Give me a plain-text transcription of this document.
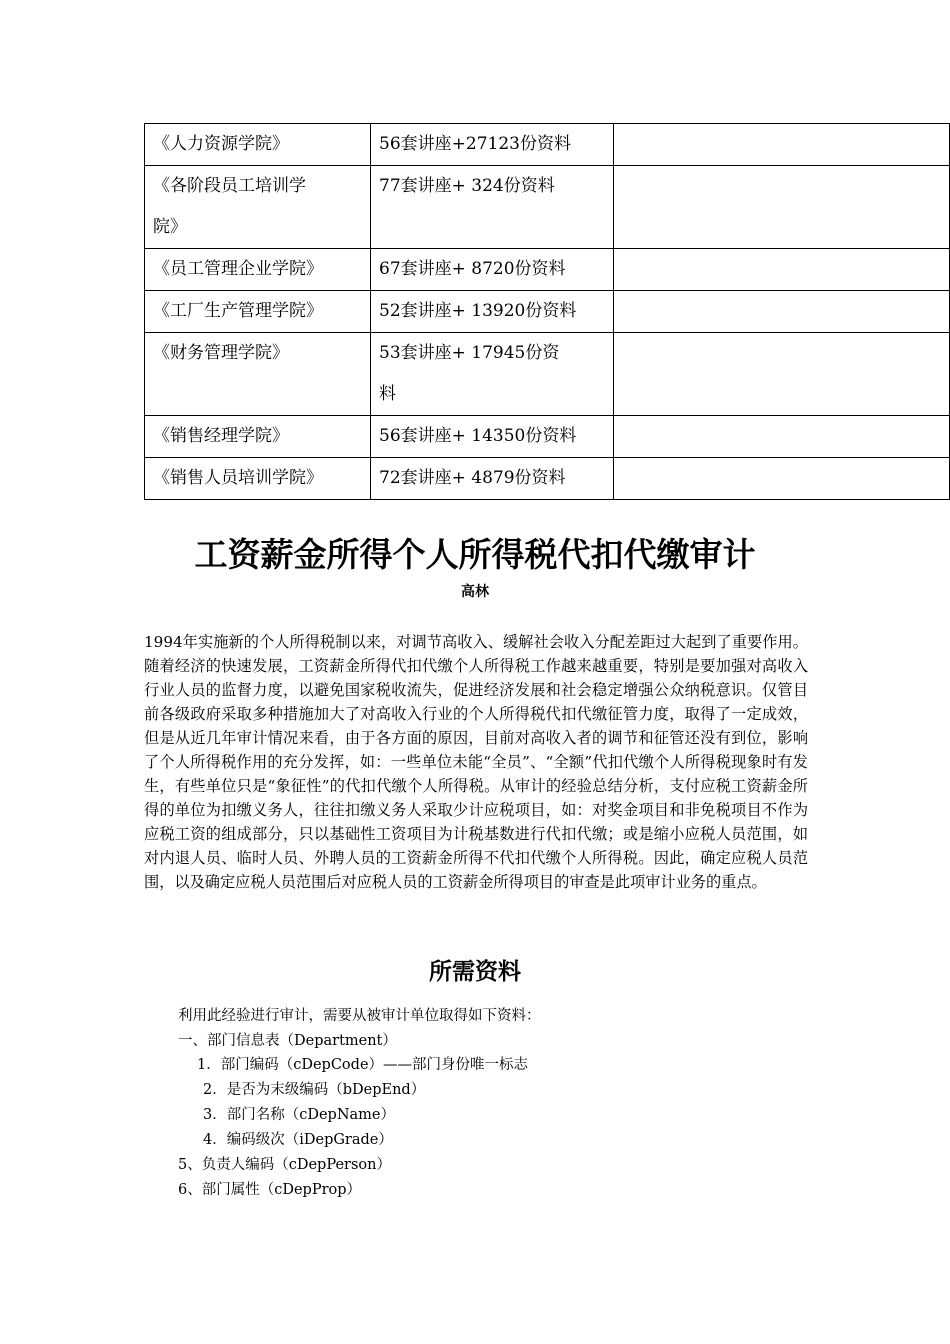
《人力资源学院》	56套讲座+27123份资料	
《各阶段员工培训学院》	77套讲座+ 324份资料	
《员工管理企业学院》	67套讲座+ 8720份资料	
《工厂生产管理学院》	52套讲座+ 13920份资料	
《财务管理学院》	53套讲座+ 17945份资料	
《销售经理学院》	56套讲座+ 14350份资料	
《销售人员培训学院》	72套讲座+ 4879份资料	
工资薪金所得个人所得税代扣代缴审计
高林

1994年实施新的个人所得税制以来，对调节高收入、缓解社会收入分配差距过大起到了重要作用。随着经济的快速发展，工资薪金所得代扣代缴个人所得税工作越来越重要，特别是要加强对高收入行业人员的监督力度，以避免国家税收流失，促进经济发展和社会稳定增强公众纳税意识。仅管目前各级政府采取多种措施加大了对高收入行业的个人所得税代扣代缴征管力度，取得了一定成效，但是从近几年审计情况来看，由于各方面的原因，目前对高收入者的调节和征管还没有到位，影响了个人所得税作用的充分发挥，如：一些单位未能“全员”、“全额”代扣代缴个人所得税现象时有发生，有些单位只是“象征性”的代扣代缴个人所得税。从审计的经验总结分析，支付应税工资薪金所得的单位为扣缴义务人，往往扣缴义务人采取少计应税项目，如：对奖金项目和非免税项目不作为应税工资的组成部分，只以基础性工资项目为计税基数进行代扣代缴；或是缩小应税人员范围，如对内退人员、临时人员、外聘人员的工资薪金所得不代扣代缴个人所得税。因此，确定应税人员范围，以及确定应税人员范围后对应税人员的工资薪金所得项目的审查是此项审计业务的重点。

所需资料
利用此经验进行审计，需要从被审计单位取得如下资料：
一、部门信息表（Department）
1．部门编码（cDepCode）——部门身份唯一标志
2．是否为末级编码（bDepEnd）
3．部门名称（cDepName）
4．编码级次（iDepGrade）
5、负责人编码（cDepPerson）
6、部门属性（cDepProp）
